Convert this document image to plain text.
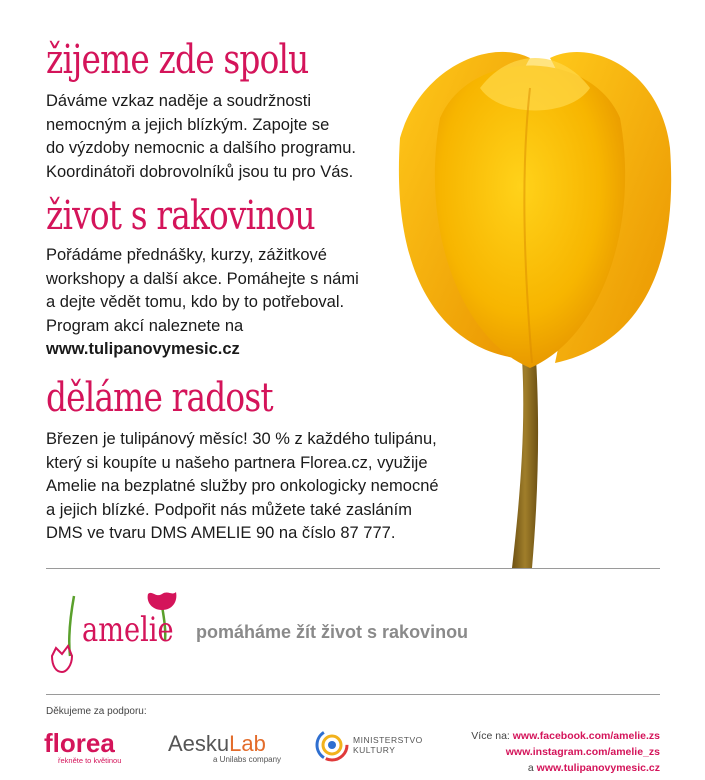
žijeme zde spolu
Dáváme vzkaz naděje a soudržnosti
nemocným a jejich blízkým. Zapojte se
do výzdoby nemocnic a dalšího programu.
Koordinátoři dobrovolníků jsou tu pro Vás.
život s rakovinou
Pořádáme přednášky, kurzy, zážitkové
workshopy a další akce. Pomáhejte s námi
a dejte vědět tomu, kdo by to potřeboval.
Program akcí naleznete na
www.tulipanovymesic.cz
děláme radost
Březen je tulipánový měsíc! 30 % z každého tulipánu,
který si koupíte u našeho partnera Florea.cz, využije
Amelie na bezplatné služby pro onkologicky nemocné
a jejich blízké. Podpořit nás můžete také zasláním
DMS ve tvaru DMS AMELIE 90 na číslo 87 777.
amelie pomáháme žít život s rakovinou
Děkujeme za podporu:
florea
řekněte to květinou
AeskuLab
a Unilabs company
MINISTERSTVO
KULTURY
Více na: www.facebook.com/amelie.zs
www.instagram.com/amelie_zs
a www.tulipanovymesic.cz
